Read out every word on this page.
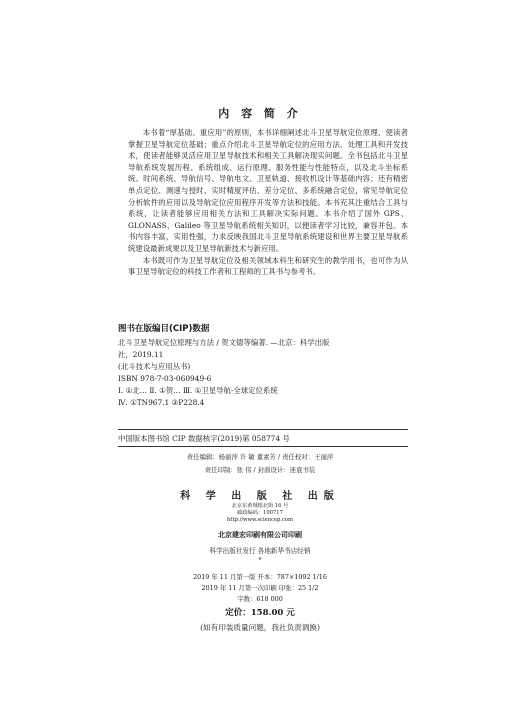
内 容 简 介

本书着“厚基础、重应用”的原则，本书详细阐述北斗卫星导航定位原理、使读者掌握卫星导航定位基础；重点介绍北斗卫星导航定位的应用方法、处理工具和开发技术，使读者能够灵活应用卫星导航技术和相关工具解决现实问题。全书包括北斗卫星导航系统发展历程、系统组成、运行原理、服务性能与性能特点，以及北斗坐标系统、时间系统、导航信号、导航电文、卫星轨道、接收机设计等基础内容；还有精密单点定位、测速与授时、实时精度评估、差分定位、多系统融合定位，常见导航定位分析软件的应用以及导航定位应用程序开发等方法和技能。本书充其注重结合工具与系统，让读者能够应用相关方法和工具解决实际问题。本书介绍了国外 GPS、GLONASS、Galileo 等卫星导航系统相关知识，以便读者学习比较，兼容并包。本书内容丰富，实用性强，力求反映我国北斗卫星导航系统建设和世界主要卫星导航系统建设最新成果以及卫星导航新技术与新应用。

本书既可作为卫星导航定位及相关领域本科生和研究生的教学用书，也可作为从事卫星导航定位的科技工作者和工程师的工具书与参考书。

图书在版编目(CIP)数据
北斗卫星导航定位原理与方法 / 贺文德等编著. —北京：科学出版
社，2019.11
(北斗技术与应用丛书)
ISBN 978-7-03-060949-6
Ⅰ. ①北… Ⅱ. ①贺… Ⅲ. ①卫星导航-全球定位系统
Ⅳ. ①TN967.1 ②P228.4
中国版本图书馆 CIP 数据核字(2019)第 058774 号
责任编辑：杨丽萍 许 敏 董素芳 / 责任校对：王丽萍
责任印制：张 伟 / 封面设计：迷底书装
科 学 出 版 社 出版
北京东黄城根北街 16 号
邮政编码：100717
http://www.sciencep.com
北京建宏印刷有限公司印刷
科学出版社发行 各地新华书店经销
*
2019 年 11 月第一版 开本：787×1092 1/16
2019 年 11 月第一次印刷 印张：25 1/2
字数：618 000
定价：158.00 元
(如有印装质量问题，我社负责调换)
